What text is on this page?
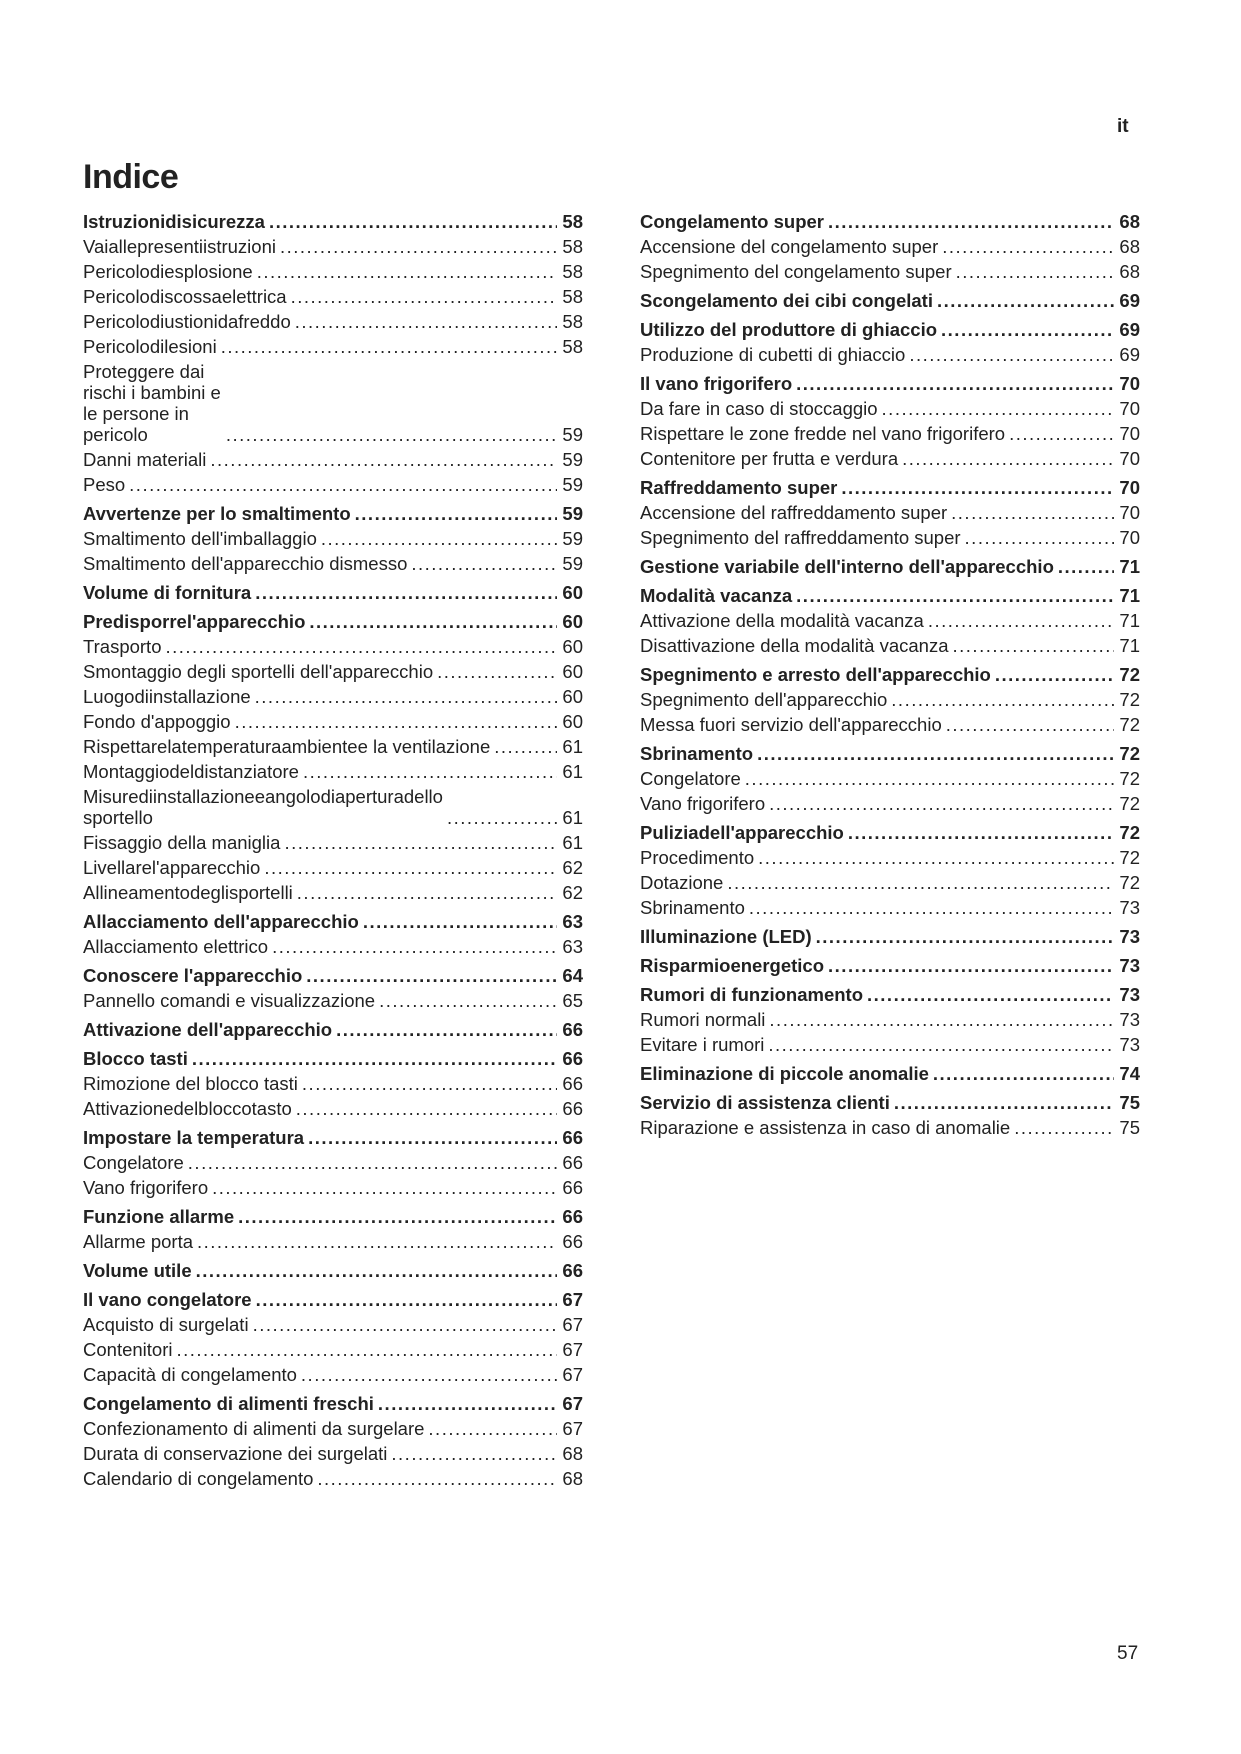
it
Indice
Istruzionidisicurezza .....	58
Vaiallepresentiistruzioni .....	58
Pericolodiesplosione .....	58
Pericolodiscossaelettrica .....	58
Pericolodiustionidafreddo .....	58
Pericolodilesioni .....	58
Proteggere dai rischi i bambini e le persone in pericolo .....	59
Danni materiali .....	59
Peso .....	59
Avvertenze per lo smaltimento .....	59
Smaltimento dell'imballaggio .....	59
Smaltimento dell'apparecchio dismesso .....	59
Volume di fornitura .....	60
Predisporrel'apparecchio .....	60
Trasporto .....	60
Smontaggio degli sportelli dell'apparecchio .....	60
Luogodiinstallazione .....	60
Fondo d'appoggio .....	60
Rispettarelatemperaturaambientee la ventilazione .....	61
Montaggiodeldistanziatore .....	61
Misurediinstallazioneeangolodiaperturadello sportello .....	61
Fissaggio della maniglia .....	61
Livellarel'apparecchio .....	62
Allineamentodeglisportelli .....	62
Allacciamento dell'apparecchio .....	63
Allacciamento elettrico .....	63
Conoscere l'apparecchio .....	64
Pannello comandi e visualizzazione .....	65
Attivazione dell'apparecchio .....	66
Blocco tasti .....	66
Rimozione del blocco tasti .....	66
Attivazionedelbloccotasto .....	66
Impostare la temperatura .....	66
Congelatore .....	66
Vano frigorifero .....	66
Funzione allarme .....	66
Allarme porta .....	66
Volume utile .....	66
Il vano congelatore .....	67
Acquisto di surgelati .....	67
Contenitori .....	67
Capacità di congelamento .....	67
Congelamento di alimenti freschi .....	67
Confezionamento di alimenti da surgelare .....	67
Durata di conservazione dei surgelati .....	68
Calendario di congelamento .....	68
Congelamento super .....	68
Accensione del congelamento super .....	68
Spegnimento del congelamento super .....	68
Scongelamento dei cibi congelati .....	69
Utilizzo del produttore di ghiaccio .....	69
Produzione di cubetti di ghiaccio .....	69
Il vano frigorifero .....	70
Da fare in caso di stoccaggio .....	70
Rispettare le zone fredde nel vano frigorifero .....	70
Contenitore per frutta e verdura .....	70
Raffreddamento super .....	70
Accensione del raffreddamento super .....	70
Spegnimento del raffreddamento super .....	70
Gestione variabile dell'interno dell'apparecchio .....	71
Modalità vacanza .....	71
Attivazione della modalità vacanza .....	71
Disattivazione della modalità vacanza .....	71
Spegnimento e arresto dell'apparecchio .....	72
Spegnimento dell'apparecchio .....	72
Messa fuori servizio dell'apparecchio .....	72
Sbrinamento .....	72
Congelatore .....	72
Vano frigorifero .....	72
Puliziadell'apparecchio .....	72
Procedimento .....	72
Dotazione .....	72
Sbrinamento .....	73
Illuminazione (LED) .....	73
Risparmioenergetico .....	73
Rumori di funzionamento .....	73
Rumori normali .....	73
Evitare i rumori .....	73
Eliminazione di piccole anomalie .....	74
Servizio di assistenza clienti .....	75
Riparazione e assistenza in caso di anomalie .....	75
57
